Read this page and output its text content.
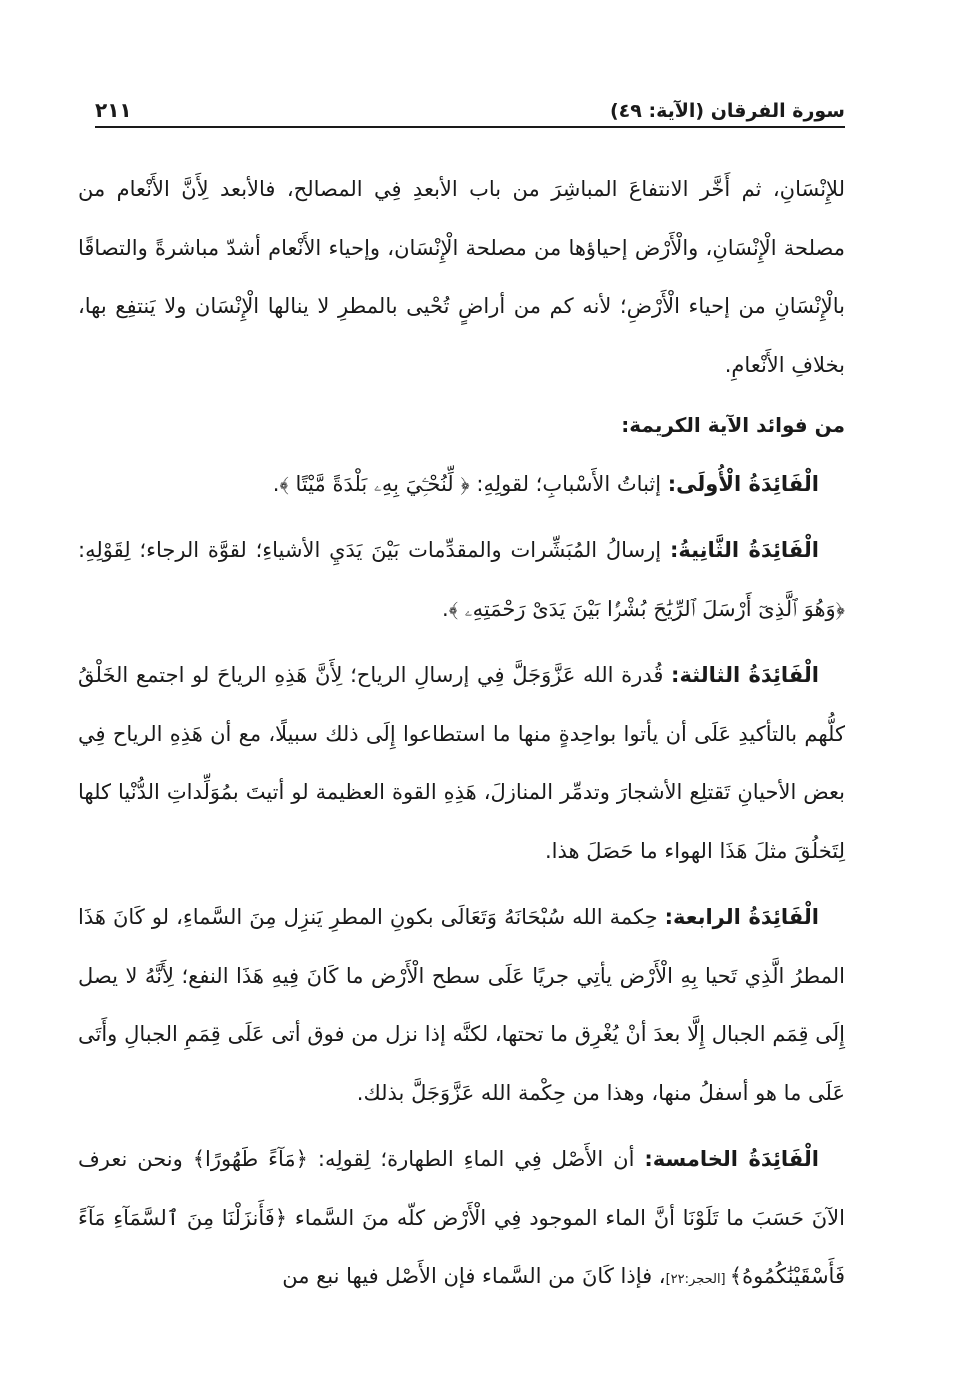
سورة الفرقان (الآية: ٤٩)
٢١١

للإِنْسَانِ، ثم أَخَّر الانتفاعَ المباشِرَ من باب الأبعدِ فِي المصالح، فالأبعد لِأَنَّ الأَنْعام من مصلحة الْإِنْسَانِ، والْأَرْض إحياؤها من مصلحة الْإِنْسَان، وإحياء الأَنْعام أشدّ مباشرةً والتصاقًا بالْإِنْسَانِ من إحياء الْأَرْضِ؛ لأنه كم من أراضٍ تُحْيى بالمطرِ لا ينالها الْإِنْسَان ولا يَنتفِع بها، بخلافِ الأَنْعامِ.

من فوائد الآية الكريمة:

الْفَائِدَةُ الْأُولَى: إثباتُ الأَسْبابِ؛ لقولِهِ: ﴿ لِّنُحْـِۧيَ بِهِۦ بَلْدَةً مَّيْتًا ﴾.

الْفَائِدَةُ الثَّانِيةُ: إرسالُ المُبَشِّرات والمقدِّمات بَيْنَ يَدَيِ الأشياءِ؛ لقوَّة الرجاء؛ لِقَوْلِهِ: ﴿وَهُوَ ٱلَّذِىٓ أَرْسَلَ ٱلرِّيَٰحَ بُشْرًۢا بَيْنَ يَدَىْ رَحْمَتِهِۦ ﴾.

الْفَائِدَةُ الثالثة: قُدرة الله عَزَّوَجَلَّ فِي إرسالِ الرياح؛ لِأَنَّ هَذِهِ الرياحَ لو اجتمع الخَلْقُ كلُّهم بالتأكيدِ عَلَى أن يأتوا بواحِدةٍ منها ما استطاعوا إِلَى ذلك سبيلًا، مع أن هَذِهِ الرياح فِي بعض الأحيانِ تَقتلِع الأشجارَ وتدمِّر المنازلَ، هَذِهِ القوة العظيمة لو أتيتَ بمُوَلِّداتِ الدُّنْيا كلها لِتَخلُقَ مثلَ هَذَا الهواء ما حَصَلَ هذا.

الْفَائِدَةُ الرابعة: حِكمة الله سُبْحَانَهُ وَتَعَالَى بكونِ المطرِ يَنزِل مِنَ السَّماءِ، لو كَانَ هَذَا المطرُ الَّذِي تَحيا بِهِ الْأَرْض يأتِي جريًا عَلَى سطح الْأَرْض ما كَانَ فِيهِ هَذَا النفع؛ لِأَنَّهُ لا يصل إِلَى قِمَم الجبال إِلَّا بعدَ أنْ يُغْرِق ما تحتها، لكنَّه إذا نزل من فوق أتى عَلَى قِمَمِ الجبالِ وأَتَى عَلَى ما هو أسفلُ منها، وهذا من حِكْمة الله عَزَّوَجَلَّ بذلك.

الْفَائِدَةُ الخامسة: أن الأَصْل فِي الماءِ الطهارة؛ لِقولِه: ﴿مَآءً طَهُورًا﴾ ونحن نعرف الآنَ حَسَبَ ما تَلَوْنَا أنَّ الماء الموجود فِي الْأَرْض كلّه منَ السَّماء ﴿فَأَنزَلْنَا مِنَ ٱلسَّمَآءِ مَآءً فَأَسْقَيْنَٰكُمُوهُ﴾ [الحجر:٢٢]، فإذا كَانَ من السَّماء فإن الأَصْل فيها نبع من
